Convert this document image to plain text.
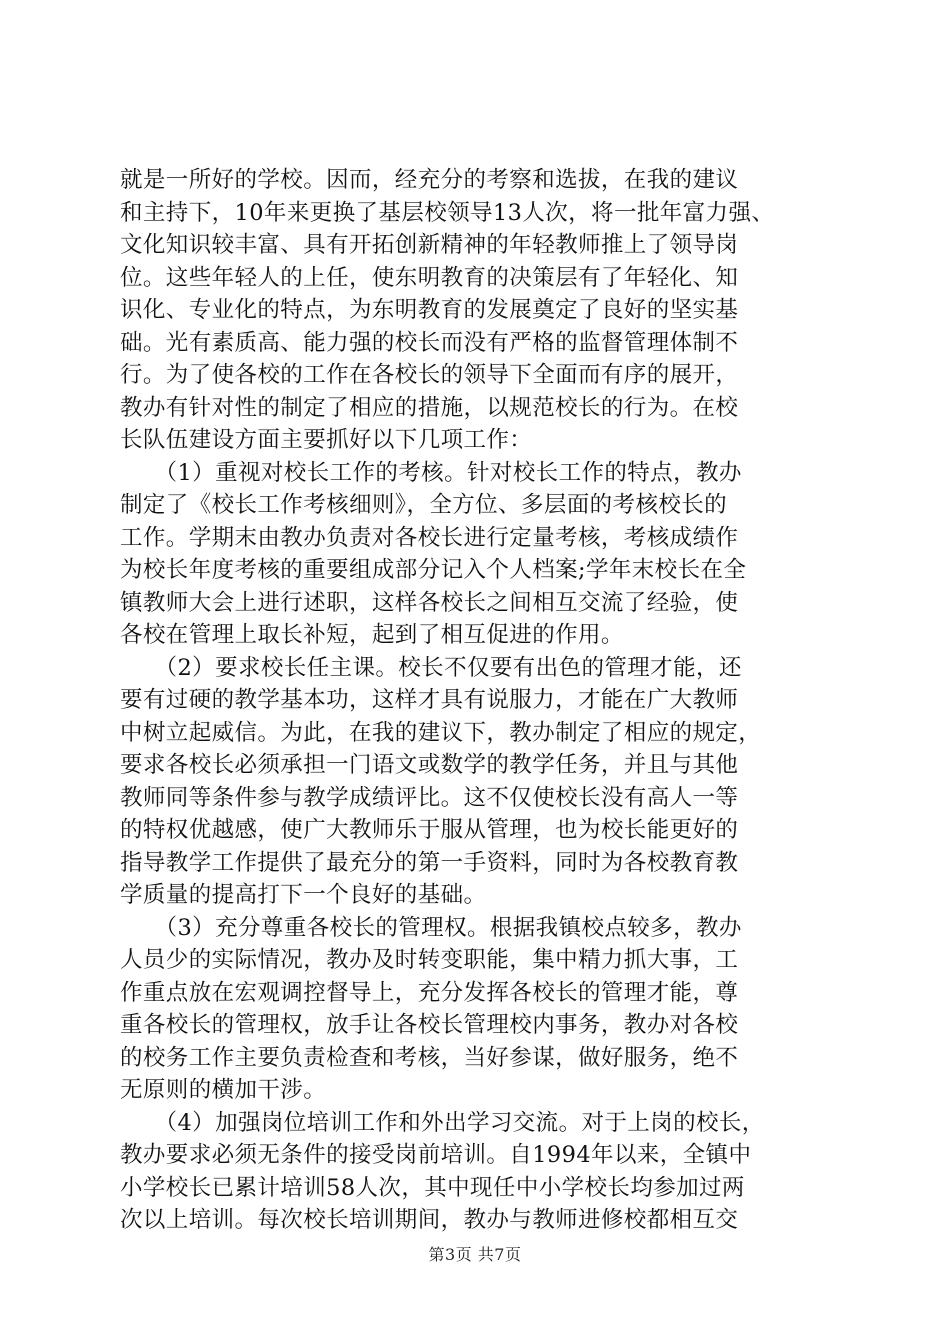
就是一所好的学校。因而，经充分的考察和选拔，在我的建议
和主持下，10年来更换了基层校领导13人次，将一批年富力强、
文化知识较丰富、具有开拓创新精神的年轻教师推上了领导岗
位。这些年轻人的上任，使东明教育的决策层有了年轻化、知
识化、专业化的特点，为东明教育的发展奠定了良好的坚实基
础。光有素质高、能力强的校长而没有严格的监督管理体制不
行。为了使各校的工作在各校长的领导下全面而有序的展开，
教办有针对性的制定了相应的措施，以规范校长的行为。在校
长队伍建设方面主要抓好以下几项工作：
　　（1）重视对校长工作的考核。针对校长工作的特点，教办
制定了《校长工作考核细则》，全方位、多层面的考核校长的
工作。学期末由教办负责对各校长进行定量考核，考核成绩作
为校长年度考核的重要组成部分记入个人档案;学年末校长在全
镇教师大会上进行述职，这样各校长之间相互交流了经验，使
各校在管理上取长补短，起到了相互促进的作用。
　　（2）要求校长任主课。校长不仅要有出色的管理才能，还
要有过硬的教学基本功，这样才具有说服力，才能在广大教师
中树立起威信。为此，在我的建议下，教办制定了相应的规定，
要求各校长必须承担一门语文或数学的教学任务，并且与其他
教师同等条件参与教学成绩评比。这不仅使校长没有高人一等
的特权优越感，使广大教师乐于服从管理，也为校长能更好的
指导教学工作提供了最充分的第一手资料，同时为各校教育教
学质量的提高打下一个良好的基础。
　　（3）充分尊重各校长的管理权。根据我镇校点较多，教办
人员少的实际情况，教办及时转变职能，集中精力抓大事，工
作重点放在宏观调控督导上，充分发挥各校长的管理才能，尊
重各校长的管理权，放手让各校长管理校内事务，教办对各校
的校务工作主要负责检查和考核，当好参谋，做好服务，绝不
无原则的横加干涉。
　　（4）加强岗位培训工作和外出学习交流。对于上岗的校长，
教办要求必须无条件的接受岗前培训。自1994年以来，全镇中
小学校长已累计培训58人次，其中现任中小学校长均参加过两
次以上培训。每次校长培训期间，教办与教师进修校都相互交
第3页 共7页
